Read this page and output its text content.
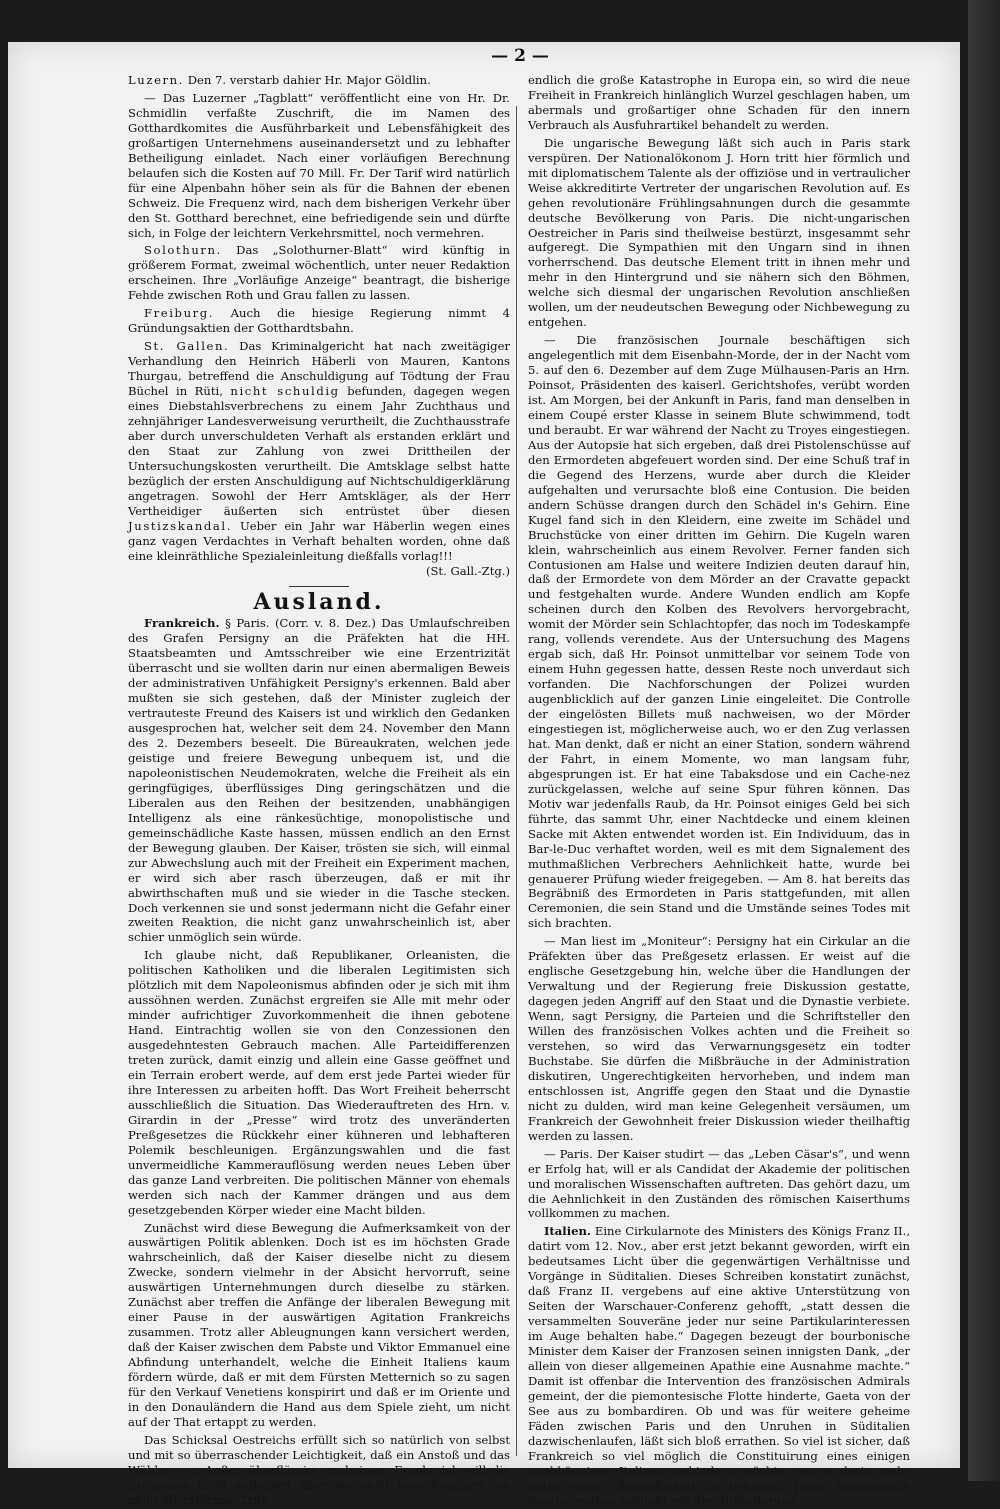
— 2 —

Luzern. Den 7. verstarb dahier Hr. Major Göldlin.

— Das Luzerner „Tagblatt“ veröffentlicht eine von Hr. Dr. Schmidlin verfaßte Zuschrift, die im Namen des Gotthardkomites die Ausführbarkeit und Lebensfähigkeit des großartigen Unternehmens auseinandersetzt und zu lebhafter Betheiligung einladet. Nach einer vorläufigen Berechnung belaufen sich die Kosten auf 70 Mill. Fr. Der Tarif wird natürlich für eine Alpenbahn höher sein als für die Bahnen der ebenen Schweiz. Die Frequenz wird, nach dem bisherigen Verkehr über den St. Gotthard berechnet, eine befriedigende sein und dürfte sich, in Folge der leichtern Verkehrsmittel, noch vermehren.

Solothurn. Das „Solothurner-Blatt“ wird künftig in größerem Format, zweimal wöchentlich, unter neuer Redaktion erscheinen. Ihre „Vorläufige Anzeige“ beantragt, die bisherige Fehde zwischen Roth und Grau fallen zu lassen.

Freiburg. Auch die hiesige Regierung nimmt 4 Gründungsaktien der Gotthardtsbahn.

St. Gallen. Das Kriminalgericht hat nach zweitägiger Verhandlung den Heinrich Häberli von Mauren, Kantons Thurgau, betreffend die Anschuldigung auf Tödtung der Frau Büchel in Rüti, nicht schuldig befunden, dagegen wegen eines Diebstahlsverbrechens zu einem Jahr Zuchthaus und zehnjähriger Landesverweisung verurtheilt, die Zuchthausstrafe aber durch unverschuldeten Verhaft als erstanden erklärt und den Staat zur Zahlung von zwei Drittheilen der Untersuchungskosten verurtheilt. Die Amtsklage selbst hatte bezüglich der ersten Anschuldigung auf Nichtschuldigerklärung angetragen. Sowohl der Herr Amtskläger, als der Herr Vertheidiger äußerten sich entrüstet über diesen Justizskandal. Ueber ein Jahr war Häberlin wegen eines ganz vagen Verdachtes in Verhaft behalten worden, ohne daß eine kleinräthliche Spezialeinleitung dießfalls vorlag!!!
(St. Gall.-Ztg.)

Ausland.

Frankreich. § Paris. (Corr. v. 8. Dez.) Das Umlaufschreiben des Grafen Persigny an die Präfekten hat die HH. Staatsbeamten und Amtsschreiber wie eine Erzentrizität überrascht und sie wollten darin nur einen abermaligen Beweis der administrativen Unfähigkeit Persigny's erkennen. Bald aber mußten sie sich gestehen, daß der Minister zugleich der vertrauteste Freund des Kaisers ist und wirklich den Gedanken ausgesprochen hat, welcher seit dem 24. November den Mann des 2. Dezembers beseelt. Die Büreaukraten, welchen jede geistige und freiere Bewegung unbequem ist, und die napoleonistischen Neudemokraten, welche die Freiheit als ein geringfügiges, überflüssiges Ding geringschätzen und die Liberalen aus den Reihen der besitzenden, unabhängigen Intelligenz als eine ränkesüchtige, monopolistische und gemeinschädliche Kaste hassen, müssen endlich an den Ernst der Bewegung glauben. Der Kaiser, trösten sie sich, will einmal zur Abwechslung auch mit der Freiheit ein Experiment machen, er wird sich aber rasch überzeugen, daß er mit ihr abwirthschaften muß und sie wieder in die Tasche stecken. Doch verkennen sie und sonst jedermann nicht die Gefahr einer zweiten Reaktion, die nicht ganz unwahrscheinlich ist, aber schier unmöglich sein würde.

Ich glaube nicht, daß Republikaner, Orleanisten, die politischen Katholiken und die liberalen Legitimisten sich plötzlich mit dem Napoleonismus abfinden oder je sich mit ihm aussöhnen werden. Zunächst ergreifen sie Alle mit mehr oder minder aufrichtiger Zuvorkommenheit die ihnen gebotene Hand. Eintrachtig wollen sie von den Conzessionen den ausgedehntesten Gebrauch machen. Alle Parteidifferenzen treten zurück, damit einzig und allein eine Gasse geöffnet und ein Terrain erobert werde, auf dem erst jede Partei wieder für ihre Interessen zu arbeiten hofft. Das Wort Freiheit beherrscht ausschließlich die Situation. Das Wiederauftreten des Hrn. v. Girardin in der „Presse“ wird trotz des unveränderten Preßgesetzes die Rückkehr einer kühneren und lebhafteren Polemik beschleunigen. Ergänzungswahlen und die fast unvermeidliche Kammerauflösung werden neues Leben über das ganze Land verbreiten. Die politischen Männer von ehemals werden sich nach der Kammer drängen und aus dem gesetzgebenden Körper wieder eine Macht bilden.

Zunächst wird diese Bewegung die Aufmerksamkeit von der auswärtigen Politik ablenken. Doch ist es im höchsten Grade wahrscheinlich, daß der Kaiser dieselbe nicht zu diesem Zwecke, sondern vielmehr in der Absicht hervorruft, seine auswärtigen Unternehmungen durch dieselbe zu stärken. Zunächst aber treffen die Anfänge der liberalen Bewegung mit einer Pause in der auswärtigen Agitation Frankreichs zusammen. Trotz aller Ableugnungen kann versichert werden, daß der Kaiser zwischen dem Pabste und Viktor Emmanuel eine Abfindung unterhandelt, welche die Einheit Italiens kaum fördern würde, daß er mit dem Fürsten Metternich so zu sagen für den Verkauf Venetiens konspirirt und daß er im Oriente und in den Donauländern die Hand aus dem Spiele zieht, um nicht auf der That ertappt zu werden.

Das Schicksal Oestreichs erfüllt sich so natürlich von selbst und mit so überraschender Leichtigkeit, daß ein Anstoß und das Wühlen von Außen überflüssig erscheinen. Frankreich will die Ereignisse nicht aufhalten, aber sie nicht beschleunigen, sie nicht überstürzen. Tritt

endlich die große Katastrophe in Europa ein, so wird die neue Freiheit in Frankreich hinlänglich Wurzel geschlagen haben, um abermals und großartiger ohne Schaden für den innern Verbrauch als Ausfuhrartikel behandelt zu werden.

Die ungarische Bewegung läßt sich auch in Paris stark verspüren. Der Nationalökonom J. Horn tritt hier förmlich und mit diplomatischem Talente als der offiziöse und in vertraulicher Weise akkreditirte Vertreter der ungarischen Revolution auf. Es gehen revolutionäre Frühlingsahnungen durch die gesammte deutsche Bevölkerung von Paris. Die nicht-ungarischen Oestreicher in Paris sind theilweise bestürzt, insgesammt sehr aufgeregt. Die Sympathien mit den Ungarn sind in ihnen vorherrschend. Das deutsche Element tritt in ihnen mehr und mehr in den Hintergrund und sie nähern sich den Böhmen, welche sich diesmal der ungarischen Revolution anschließen wollen, um der neudeutschen Bewegung oder Nichbewegung zu entgehen.

— Die französischen Journale beschäftigen sich angelegentlich mit dem Eisenbahn-Morde, der in der Nacht vom 5. auf den 6. Dezember auf dem Zuge Mülhausen-Paris an Hrn. Poinsot, Präsidenten des kaiserl. Gerichtshofes, verübt worden ist. Am Morgen, bei der Ankunft in Paris, fand man denselben in einem Coupé erster Klasse in seinem Blute schwimmend, todt und beraubt. Er war während der Nacht zu Troyes eingestiegen. Aus der Autopsie hat sich ergeben, daß drei Pistolenschüsse auf den Ermordeten abgefeuert worden sind. Der eine Schuß traf in die Gegend des Herzens, wurde aber durch die Kleider aufgehalten und verursachte bloß eine Contusion. Die beiden andern Schüsse drangen durch den Schädel in's Gehirn. Eine Kugel fand sich in den Kleidern, eine zweite im Schädel und Bruchstücke von einer dritten im Gehirn. Die Kugeln waren klein, wahrscheinlich aus einem Revolver. Ferner fanden sich Contusionen am Halse und weitere Indizien deuten darauf hin, daß der Ermordete von dem Mörder an der Cravatte gepackt und festgehalten wurde. Andere Wunden endlich am Kopfe scheinen durch den Kolben des Revolvers hervorgebracht, womit der Mörder sein Schlachtopfer, das noch im Todeskampfe rang, vollends verendete. Aus der Untersuchung des Magens ergab sich, daß Hr. Poinsot unmittelbar vor seinem Tode von einem Huhn gegessen hatte, dessen Reste noch unverdaut sich vorfanden. Die Nachforschungen der Polizei wurden augenblicklich auf der ganzen Linie eingeleitet. Die Controlle der eingelösten Billets muß nachweisen, wo der Mörder eingestiegen ist, möglicherweise auch, wo er den Zug verlassen hat. Man denkt, daß er nicht an einer Station, sondern während der Fahrt, in einem Momente, wo man langsam fuhr, abgesprungen ist. Er hat eine Tabaksdose und ein Cache-nez zurückgelassen, welche auf seine Spur führen können. Das Motiv war jedenfalls Raub, da Hr. Poinsot einiges Geld bei sich führte, das sammt Uhr, einer Nachtdecke und einem kleinen Sacke mit Akten entwendet worden ist. Ein Individuum, das in Bar-le-Duc verhaftet worden, weil es mit dem Signalement des muthmaßlichen Verbrechers Aehnlichkeit hatte, wurde bei genauerer Prüfung wieder freigegeben. — Am 8. hat bereits das Begräbniß des Ermordeten in Paris stattgefunden, mit allen Ceremonien, die sein Stand und die Umstände seines Todes mit sich brachten.

— Man liest im „Moniteur“: Persigny hat ein Cirkular an die Präfekten über das Preßgesetz erlassen. Er weist auf die englische Gesetzgebung hin, welche über die Handlungen der Verwaltung und der Regierung freie Diskussion gestatte, dagegen jeden Angriff auf den Staat und die Dynastie verbiete. Wenn, sagt Persigny, die Parteien und die Schriftsteller den Willen des französischen Volkes achten und die Freiheit so verstehen, so wird das Verwarnungsgesetz ein todter Buchstabe. Sie dürfen die Mißbräuche in der Administration diskutiren, Ungerechtigkeiten hervorheben, und indem man entschlossen ist, Angriffe gegen den Staat und die Dynastie nicht zu dulden, wird man keine Gelegenheit versäumen, um Frankreich der Gewohnheit freier Diskussion wieder theilhaftig werden zu lassen.

— Paris. Der Kaiser studirt — das „Leben Cäsar's“, und wenn er Erfolg hat, will er als Candidat der Akademie der politischen und moralischen Wissenschaften auftreten. Das gehört dazu, um die Aehnlichkeit in den Zuständen des römischen Kaiserthums vollkommen zu machen.

Italien. Eine Cirkularnote des Ministers des Königs Franz II., datirt vom 12. Nov., aber erst jetzt bekannt geworden, wirft ein bedeutsames Licht über die gegenwärtigen Verhältnisse und Vorgänge in Süditalien. Dieses Schreiben konstatirt zunächst, daß Franz II. vergebens auf eine aktive Unterstützung von Seiten der Warschauer-Conferenz gehofft, „statt dessen die versammelten Souveräne jeder nur seine Partikularinteressen im Auge behalten habe.“ Dagegen bezeugt der bourbonische Minister dem Kaiser der Franzosen seinen innigsten Dank, „der allein von dieser allgemeinen Apathie eine Ausnahme machte.“ Damit ist offenbar die Intervention des französischen Admirals gemeint, der die piemontesische Flotte hinderte, Gaeta von der See aus zu bombardiren. Ob und was für weitere geheime Fäden zwischen Paris und den Unruhen in Süditalien dazwischenlaufen, läßt sich bloß errathen. So viel ist sicher, daß Frankreich so viel möglich die Constituirung eines einigen unabhängigen Italiens verhindern möchte, um es desto mehr unter seiner Botmäßigkeit zu behalten. Jenes ministerielle Rundschreiben schließt mit der Aufforderung
